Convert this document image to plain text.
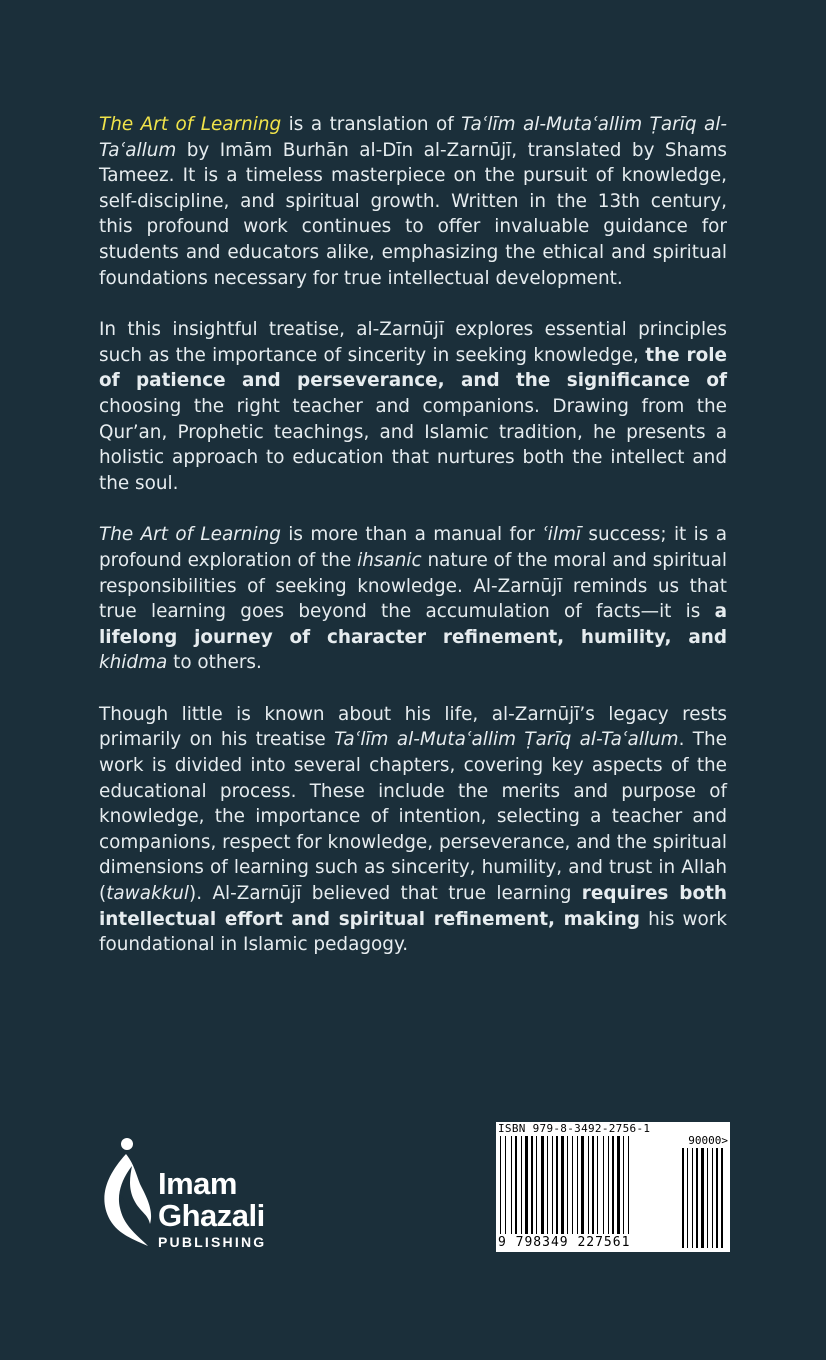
The Art of Learning is a translation of Taʿlīm al-Mutaʿallim Ṭarīq al-Taʿallum by Imām Burhān al-Dīn al-Zarnūjī, translated by Shams Tameez. It is a timeless masterpiece on the pursuit of knowledge, self-discipline, and spiritual growth. Written in the 13th century, this profound work continues to offer invaluable guidance for students and educators alike, emphasizing the ethical and spiritual foundations necessary for true intellectual development.

In this insightful treatise, al-Zarnūjī explores essential principles such as the importance of sincerity in seeking knowledge, the role of patience and perseverance, and the significance of choosing the right teacher and companions. Drawing from the Qur’an, Prophetic teachings, and Islamic tradition, he presents a holistic approach to education that nurtures both the intellect and the soul.

The Art of Learning is more than a manual for ʿilmī success; it is a profound exploration of the ihsanic nature of the moral and spiritual responsibilities of seeking knowledge. Al-Zarnūjī reminds us that true learning goes beyond the accumulation of facts—it is a lifelong journey of character refinement, humility, and khidma to others.

Though little is known about his life, al-Zarnūjī’s legacy rests primarily on his treatise Taʿlīm al-Mutaʿallim Ṭarīq al-Taʿallum. The work is divided into several chapters, covering key aspects of the educational process. These include the merits and purpose of knowledge, the importance of intention, selecting a teacher and companions, respect for knowledge, perseverance, and the spiritual dimensions of learning such as sincerity, humility, and trust in Allah (tawakkul). Al-Zarnūjī believed that true learning requires both intellectual effort and spiritual refinement, making his work foundational in Islamic pedagogy.

Imam
Ghazali
PUBLISHING
ISBN 979-8-3492-2756-1
90000>
9 798349 227561
